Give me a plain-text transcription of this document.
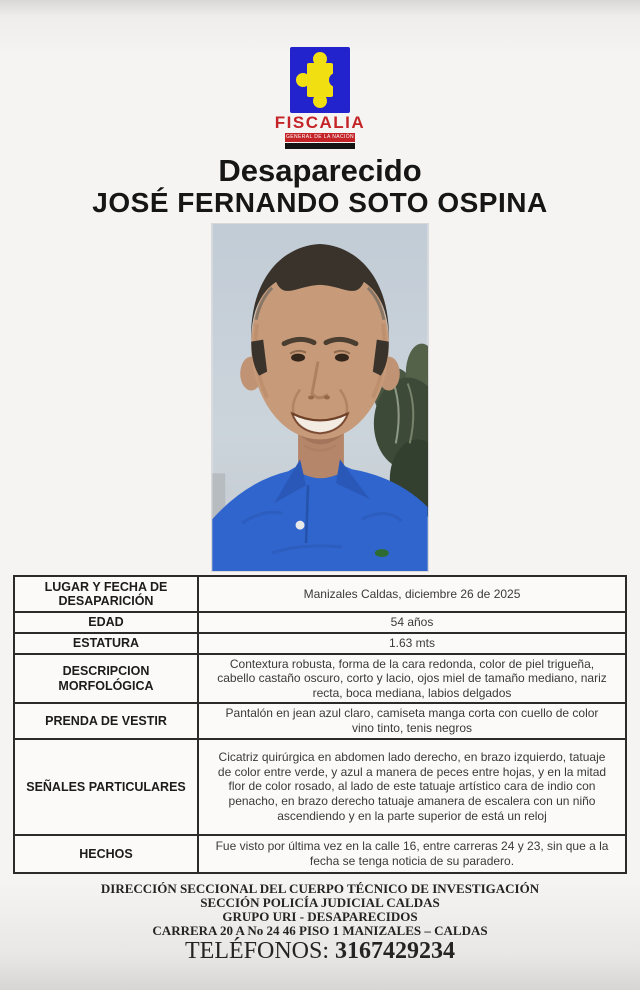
FISCALIA
GENERAL DE LA NACIÓN
Desaparecido
JOSÉ FERNANDO SOTO OSPINA
LUGAR Y FECHA DE DESAPARICIÓN	Manizales Caldas, diciembre 26 de 2025
EDAD	54 años
ESTATURA	1.63 mts
DESCRIPCION MORFOLÓGICA	Contextura robusta, forma de la cara redonda, color de piel trigueña, cabello castaño oscuro, corto y lacio, ojos miel de tamaño mediano, nariz recta, boca mediana, labios delgados
PRENDA DE VESTIR	Pantalón en jean azul claro, camiseta manga corta con cuello de color vino tinto, tenis negros
SEÑALES PARTICULARES	Cicatriz quirúrgica en abdomen lado derecho, en brazo izquierdo, tatuaje de color entre verde, y azul a manera de peces entre hojas, y en la mitad flor de color rosado, al lado de este tatuaje artístico cara de indio con penacho, en brazo derecho tatuaje amanera de escalera con un niño ascendiendo y en la parte superior de está un reloj
HECHOS	Fue visto por última vez en la calle 16, entre carreras 24 y 23, sin que a la fecha se tenga noticia de su paradero.
DIRECCIÓN SECCIONAL DEL CUERPO TÉCNICO DE INVESTIGACIÓN
SECCIÓN POLICÍA JUDICIAL CALDAS
GRUPO URI - DESAPARECIDOS
CARRERA 20 A No 24 46 PISO 1 MANIZALES – CALDAS
TELÉFONOS: 3167429234
